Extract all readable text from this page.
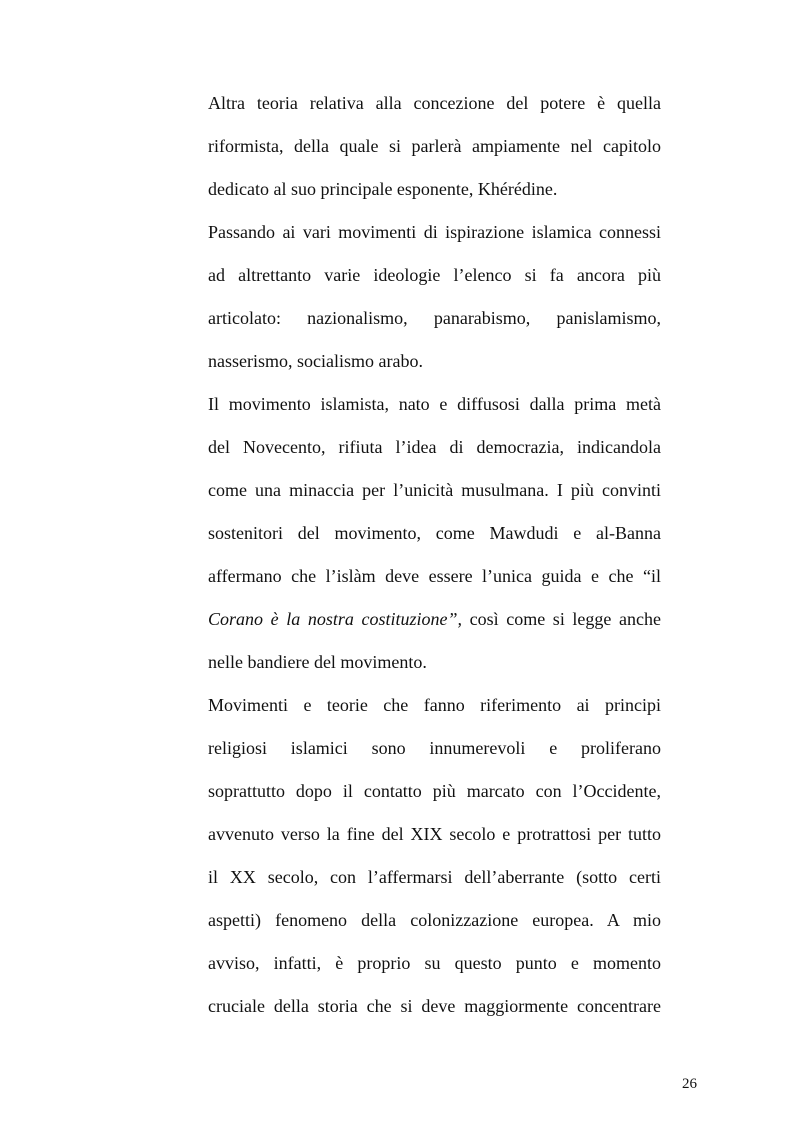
Altra teoria relativa alla concezione del potere è quella
riformista, della quale si parlerà ampiamente nel capitolo
dedicato al suo principale esponente, Khérédine.
Passando ai vari movimenti di ispirazione islamica connessi
ad altrettanto varie ideologie l’elenco si fa ancora più
articolato: nazionalismo, panarabismo, panislamismo,
nasserismo, socialismo arabo.
Il movimento islamista, nato e diffusosi dalla prima metà
del Novecento, rifiuta l’idea di democrazia, indicandola
come una minaccia per l’unicità musulmana. I più convinti
sostenitori del movimento, come Mawdudi e al-Banna
affermano che l’islàm deve essere l’unica guida e che “il
Corano è la nostra costituzione”, così come si legge anche
nelle bandiere del movimento.
Movimenti e teorie che fanno riferimento ai principi
religiosi islamici sono innumerevoli e proliferano
soprattutto dopo il contatto più marcato con l’Occidente,
avvenuto verso la fine del XIX secolo e protrattosi per tutto
il XX secolo, con l’affermarsi dell’aberrante (sotto certi
aspetti) fenomeno della colonizzazione europea. A mio
avviso, infatti, è proprio su questo punto e momento
cruciale della storia che si deve maggiormente concentrare
26
